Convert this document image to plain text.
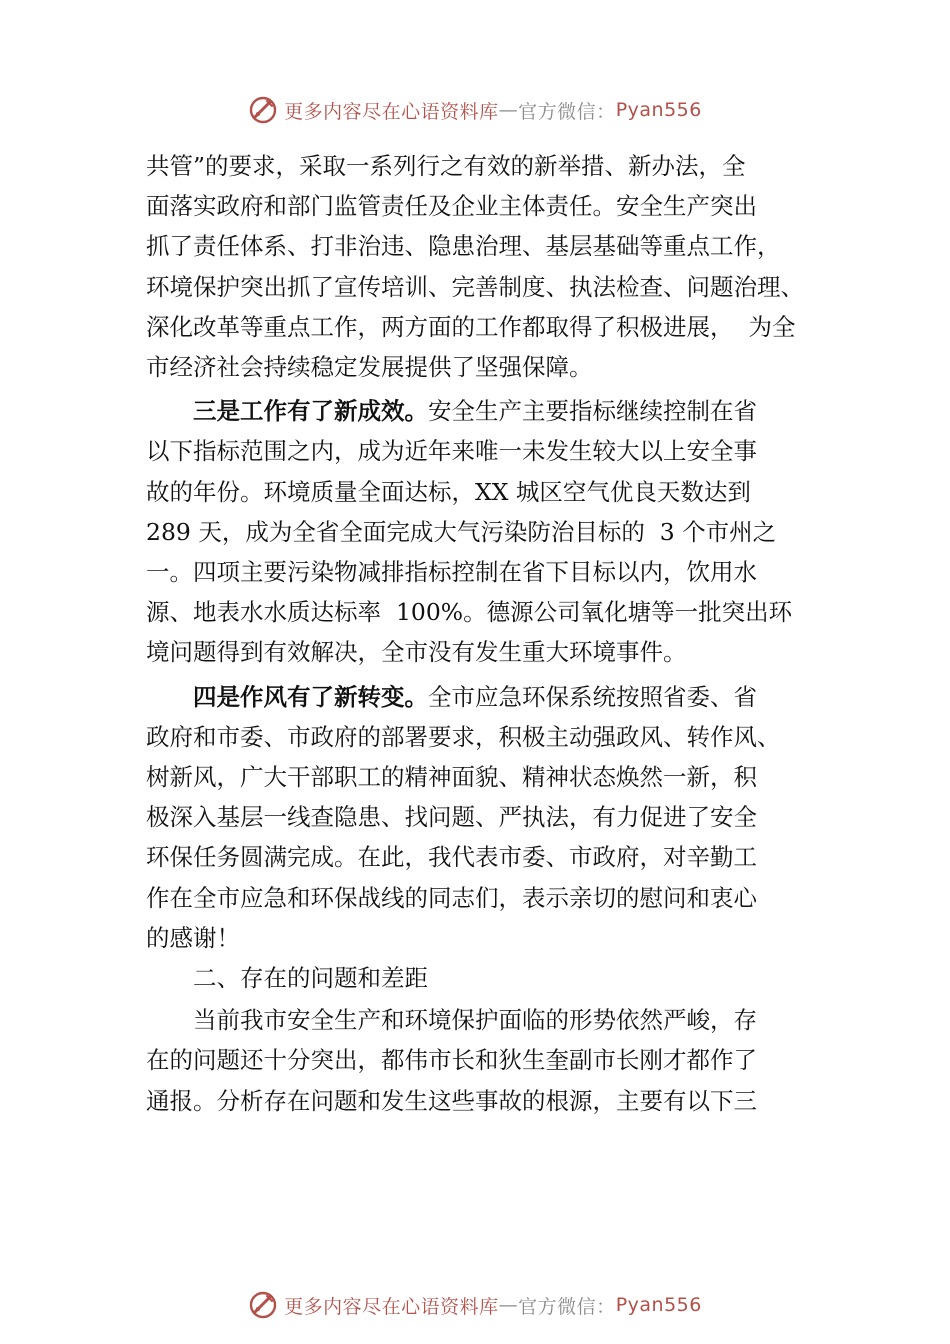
更多内容尽在心语资料库 — 官方微信： Pyan556

共管”的要求，采取一系列行之有效的新举措、新办法，全
面落实政府和部门监管责任及企业主体责任。安全生产突出
抓了责任体系、打非治违、隐患治理、基层基础等重点工作，
环境保护突出抓了宣传培训、完善制度、执法检查、问题治理、
深化改革等重点工作，两方面的工作都取得了积极进展，  为全
市经济社会持续稳定发展提供了坚强保障。

三是工作有了新成效。安全生产主要指标继续控制在省
以下指标范围之内，成为近年来唯一未发生较大以上安全事
故的年份。环境质量全面达标，XX 城区空气优良天数达到
289 天，成为全省全面完成大气污染防治目标的  3 个市州之
一。四项主要污染物减排指标控制在省下目标以内，饮用水
源、地表水水质达标率  100%。德源公司氧化塘等一批突出环
境问题得到有效解决，全市没有发生重大环境事件。

四是作风有了新转变。全市应急环保系统按照省委、省
政府和市委、市政府的部署要求，积极主动强政风、转作风、
树新风，广大干部职工的精神面貌、精神状态焕然一新，积
极深入基层一线查隐患、找问题、严执法，有力促进了安全
环保任务圆满完成。在此，我代表市委、市政府，对辛勤工
作在全市应急和环保战线的同志们，表示亲切的慰问和衷心
的感谢！

二、存在的问题和差距

当前我市安全生产和环境保护面临的形势依然严峻，存
在的问题还十分突出，都伟市长和狄生奎副市长刚才都作了
通报。分析存在问题和发生这些事故的根源，主要有以下三

更多内容尽在心语资料库 — 官方微信： Pyan556
